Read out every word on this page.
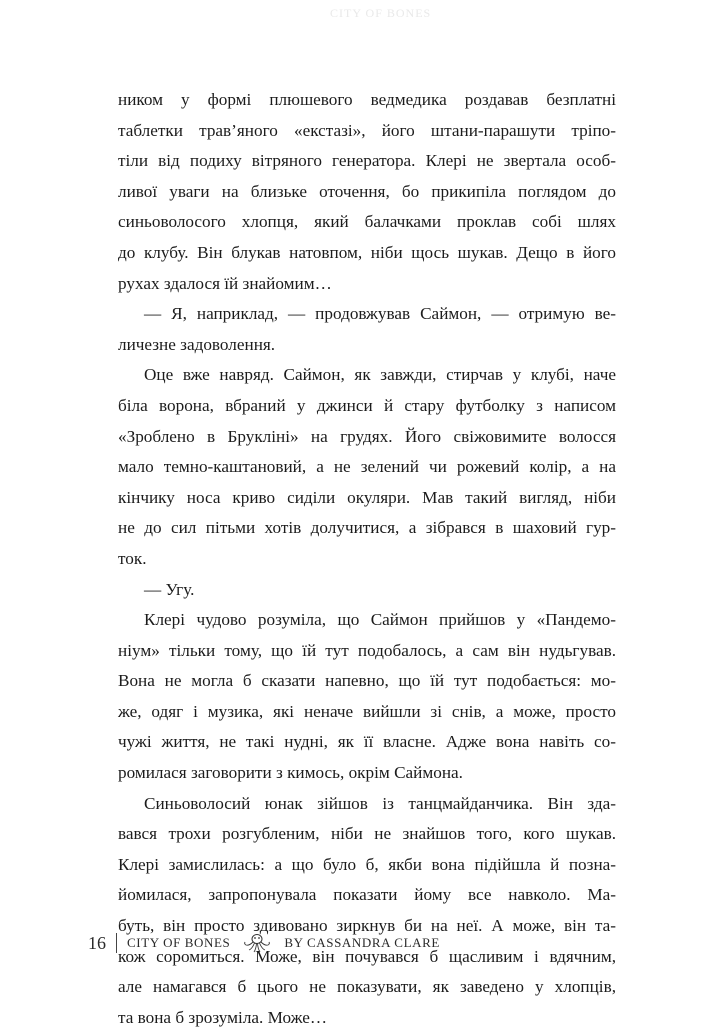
CITY OF BONES
ником у формі плюшевого ведмедика роздавав безплатні
таблетки трав’яного «екстазі», його штани-парашути тріпо-
тіли від подиху вітряного генератора. Клері не звертала особ-
ливої уваги на близьке оточення, бо прикипіла поглядом до
синьоволосого хлопця, який балачками проклав собі шлях
до клубу. Він блукав натовпом, ніби щось шукав. Дещо в його
рухах здалося їй знайомим…
— Я, наприклад, — продовжував Саймон, — отримую ве-
личезне задоволення.
Оце вже навряд. Саймон, як завжди, стирчав у клубі, наче
біла ворона, вбраний у джинси й стару футболку з написом
«Зроблено в Брукліні» на грудях. Його свіжовимите волосся
мало темно-каштановий, а не зелений чи рожевий колір, а на
кінчику носа криво сиділи окуляри. Мав такий вигляд, ніби
не до сил пітьми хотів долучитися, а зібрався в шаховий гур-
ток.
— Угу.
Клері чудово розуміла, що Саймон прийшов у «Пандемо-
ніум» тільки тому, що їй тут подобалось, а сам він нудьгував.
Вона не могла б сказати напевно, що їй тут подобається: мо-
же, одяг і музика, які неначе вийшли зі снів, а може, просто
чужі життя, не такі нудні, як її власне. Адже вона навіть со-
ромилася заговорити з кимось, окрім Саймона.
Синьоволосий юнак зійшов із танцмайданчика. Він зда-
вався трохи розгубленим, ніби не знайшов того, кого шукав.
Клері замислилась: а що було б, якби вона підійшла й позна-
йомилася, запропонувала показати йому все навколо. Ма-
буть, він просто здивовано зиркнув би на неї. А може, він та-
кож соромиться. Може, він почувався б щасливим і вдячним,
але намагався б цього не показувати, як заведено у хлопців,
та вона б зрозуміла. Може…
16 CITY OF BONES	BY CASSANDRA CLARE
